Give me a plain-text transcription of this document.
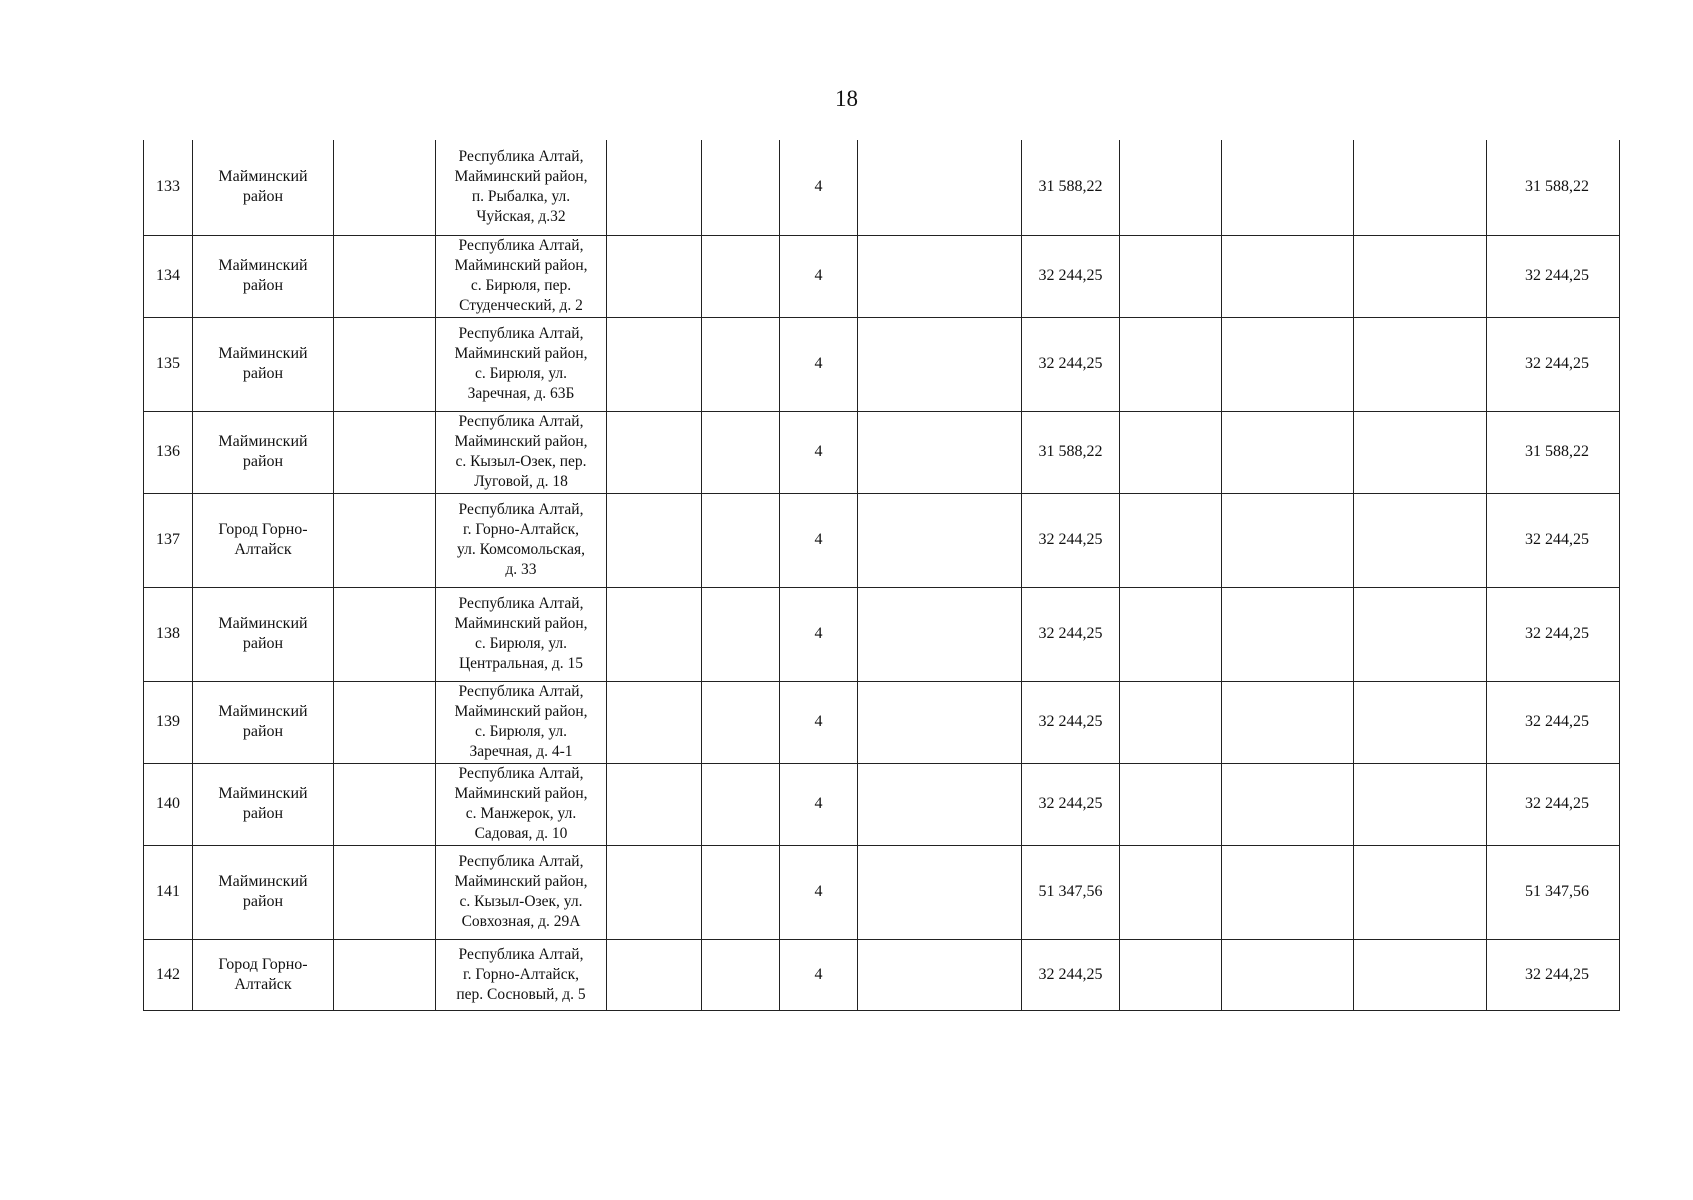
18
133	Майминский
район		Республика Алтай,
Майминский район,
п. Рыбалка, ул.
Чуйская, д.32			4		31 588,22				31 588,22
134	Майминский
район		Республика Алтай,
Майминский район,
с. Бирюля, пер.
Студенческий, д. 2			4		32 244,25				32 244,25
135	Майминский
район		Республика Алтай,
Майминский район,
с. Бирюля, ул.
Заречная, д. 63Б			4		32 244,25				32 244,25
136	Майминский
район		Республика Алтай,
Майминский район,
с. Кызыл-Озек, пер.
Луговой, д. 18			4		31 588,22				31 588,22
137	Город Горно-
Алтайск		Республика Алтай,
г. Горно-Алтайск,
ул. Комсомольская,
д. 33			4		32 244,25				32 244,25
138	Майминский
район		Республика Алтай,
Майминский район,
с. Бирюля, ул.
Центральная, д. 15			4		32 244,25				32 244,25
139	Майминский
район		Республика Алтай,
Майминский район,
с. Бирюля, ул.
Заречная, д. 4-1			4		32 244,25				32 244,25
140	Майминский
район		Республика Алтай,
Майминский район,
с. Манжерок, ул.
Садовая, д. 10			4		32 244,25				32 244,25
141	Майминский
район		Республика Алтай,
Майминский район,
с. Кызыл-Озек, ул.
Совхозная, д. 29А			4		51 347,56				51 347,56
142	Город Горно-
Алтайск		Республика Алтай,
г. Горно-Алтайск,
пер. Сосновый, д. 5			4		32 244,25				32 244,25
